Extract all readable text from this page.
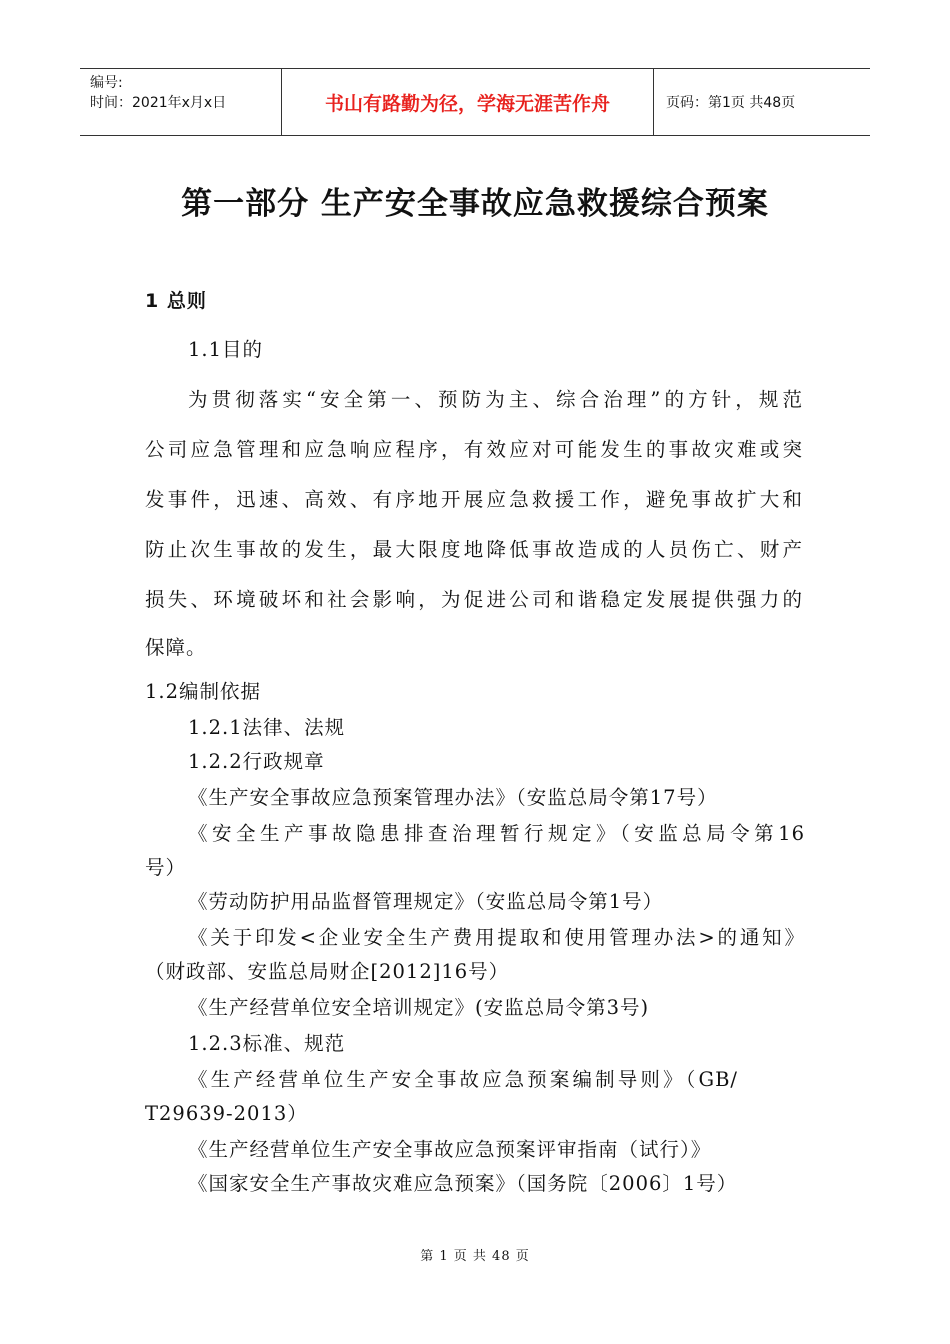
编号:
时间：2021年x月x日	书山有路勤为径，学海无涯苦作舟	页码：第1页 共48页
第一部分 生产安全事故应急救援综合预案
1 总则
1.1目的
为贯彻落实“安全第一、预防为主、综合治理”的方针，规范
公司应急管理和应急响应程序，有效应对可能发生的事故灾难或突
发事件，迅速、高效、有序地开展应急救援工作，避免事故扩大和
防止次生事故的发生，最大限度地降低事故造成的人员伤亡、财产
损失、环境破坏和社会影响，为促进公司和谐稳定发展提供强力的
保障。
1.2编制依据
1.2.1法律、法规
1.2.2行政规章
《生产安全事故应急预案管理办法》（安监总局令第17号）
《安全生产事故隐患排查治理暂行规定》（安监总局令第16
号）
《劳动防护用品监督管理规定》（安监总局令第1号）
《关于印发<企业安全生产费用提取和使用管理办法>的通知》
（财政部、安监总局财企[2012]16号）
《生产经营单位安全培训规定》(安监总局令第3号)
1.2.3标准、规范
《生产经营单位生产安全事故应急预案编制导则》（GB/
T29639-2013）
《生产经营单位生产安全事故应急预案评审指南（试行）》
《国家安全生产事故灾难应急预案》（国务院〔2006〕1号）
第 1 页 共 48 页
